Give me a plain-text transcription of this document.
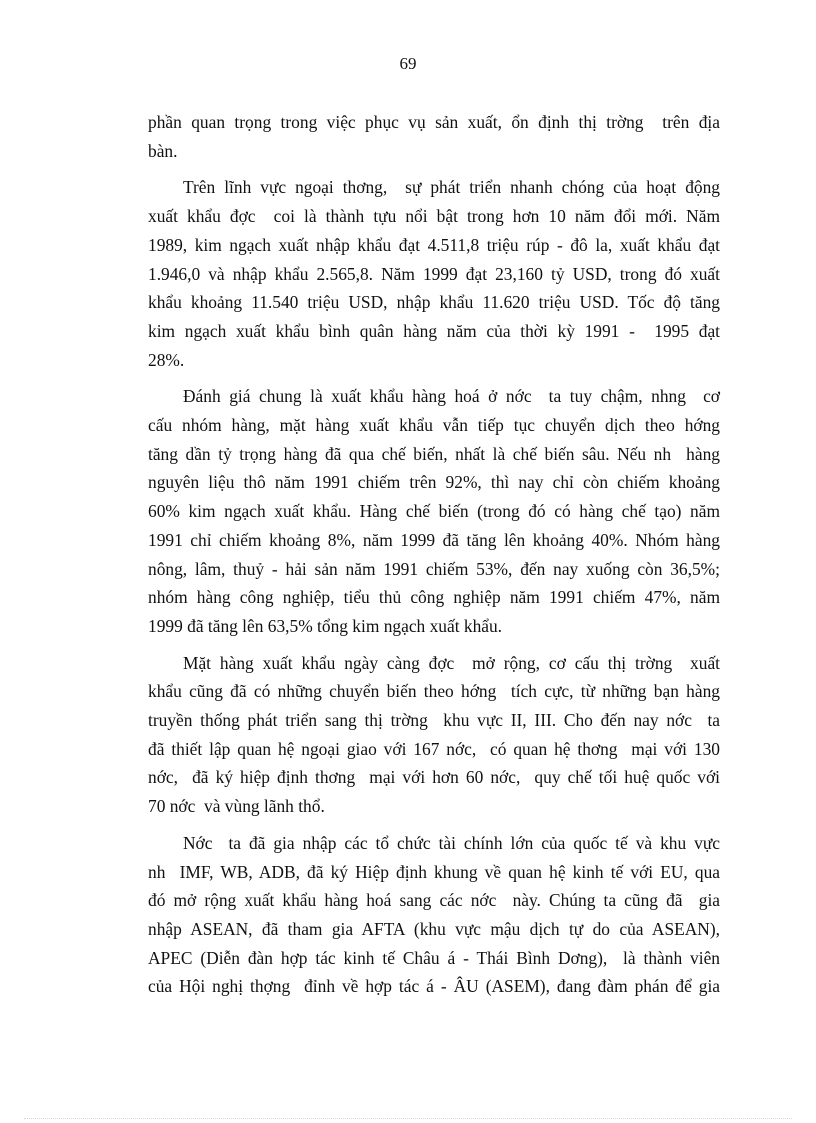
69
phần quan trọng trong việc phục vụ sản xuất, ổn định thị trờng  trên địa
bàn.
Trên lĩnh vực ngoại thơng,  sự phát triển nhanh chóng của hoạt động
xuất khẩu đợc  coi là thành tựu nổi bật trong hơn 10 năm đổi mới. Năm
1989, kim ngạch xuất nhập khẩu đạt 4.511,8 triệu rúp - đô la, xuất khẩu đạt
1.946,0 và nhập khẩu 2.565,8. Năm 1999 đạt 23,160 tỷ USD, trong đó xuất
khẩu khoảng 11.540 triệu USD, nhập khẩu 11.620 triệu USD. Tốc độ tăng
kim ngạch xuất khẩu bình quân hàng năm của thời kỳ 1991 -  1995 đạt
28%.
Đánh giá chung là xuất khẩu hàng hoá ở nớc  ta tuy chậm, nhng  cơ
cấu nhóm hàng, mặt hàng xuất khẩu vẫn tiếp tục chuyển dịch theo hớng
tăng dần tỷ trọng hàng đã qua chế biến, nhất là chế biến sâu. Nếu nh  hàng
nguyên liệu thô năm 1991 chiếm trên 92%, thì nay chỉ còn chiếm khoảng
60% kim ngạch xuất khẩu. Hàng chế biến (trong đó có hàng chế tạo) năm
1991 chỉ chiếm khoảng 8%, năm 1999 đã tăng lên khoảng 40%. Nhóm hàng
nông, lâm, thuỷ - hải sản năm 1991 chiếm 53%, đến nay xuống còn 36,5%;
nhóm hàng công nghiệp, tiểu thủ công nghiệp năm 1991 chiếm 47%, năm
1999 đã tăng lên 63,5% tổng kim ngạch xuất khẩu.
Mặt hàng xuất khẩu ngày càng đợc  mở rộng, cơ cấu thị trờng  xuất
khẩu cũng đã có những chuyển biến theo hớng  tích cực, từ những bạn hàng
truyền thống phát triển sang thị trờng  khu vực II, III. Cho đến nay nớc  ta
đã thiết lập quan hệ ngoại giao với 167 nớc,  có quan hệ thơng  mại với 130
nớc,  đã ký hiệp định thơng  mại với hơn 60 nớc,  quy chế tối huệ quốc với
70 nớc  và vùng lãnh thổ.
Nớc  ta đã gia nhập các tổ chức tài chính lớn của quốc tế và khu vực
nh  IMF, WB, ADB, đã ký Hiệp định khung về quan hệ kinh tế với EU, qua
đó mở rộng xuất khẩu hàng hoá sang các nớc  này. Chúng ta cũng đã  gia
nhập ASEAN, đã tham gia AFTA (khu vực mậu dịch tự do của ASEAN),
APEC (Diễn đàn hợp tác kinh tế Châu á - Thái Bình Dơng),  là thành viên
của Hội nghị thợng  đỉnh về hợp tác á - ÂU (ASEM), đang đàm phán để gia
